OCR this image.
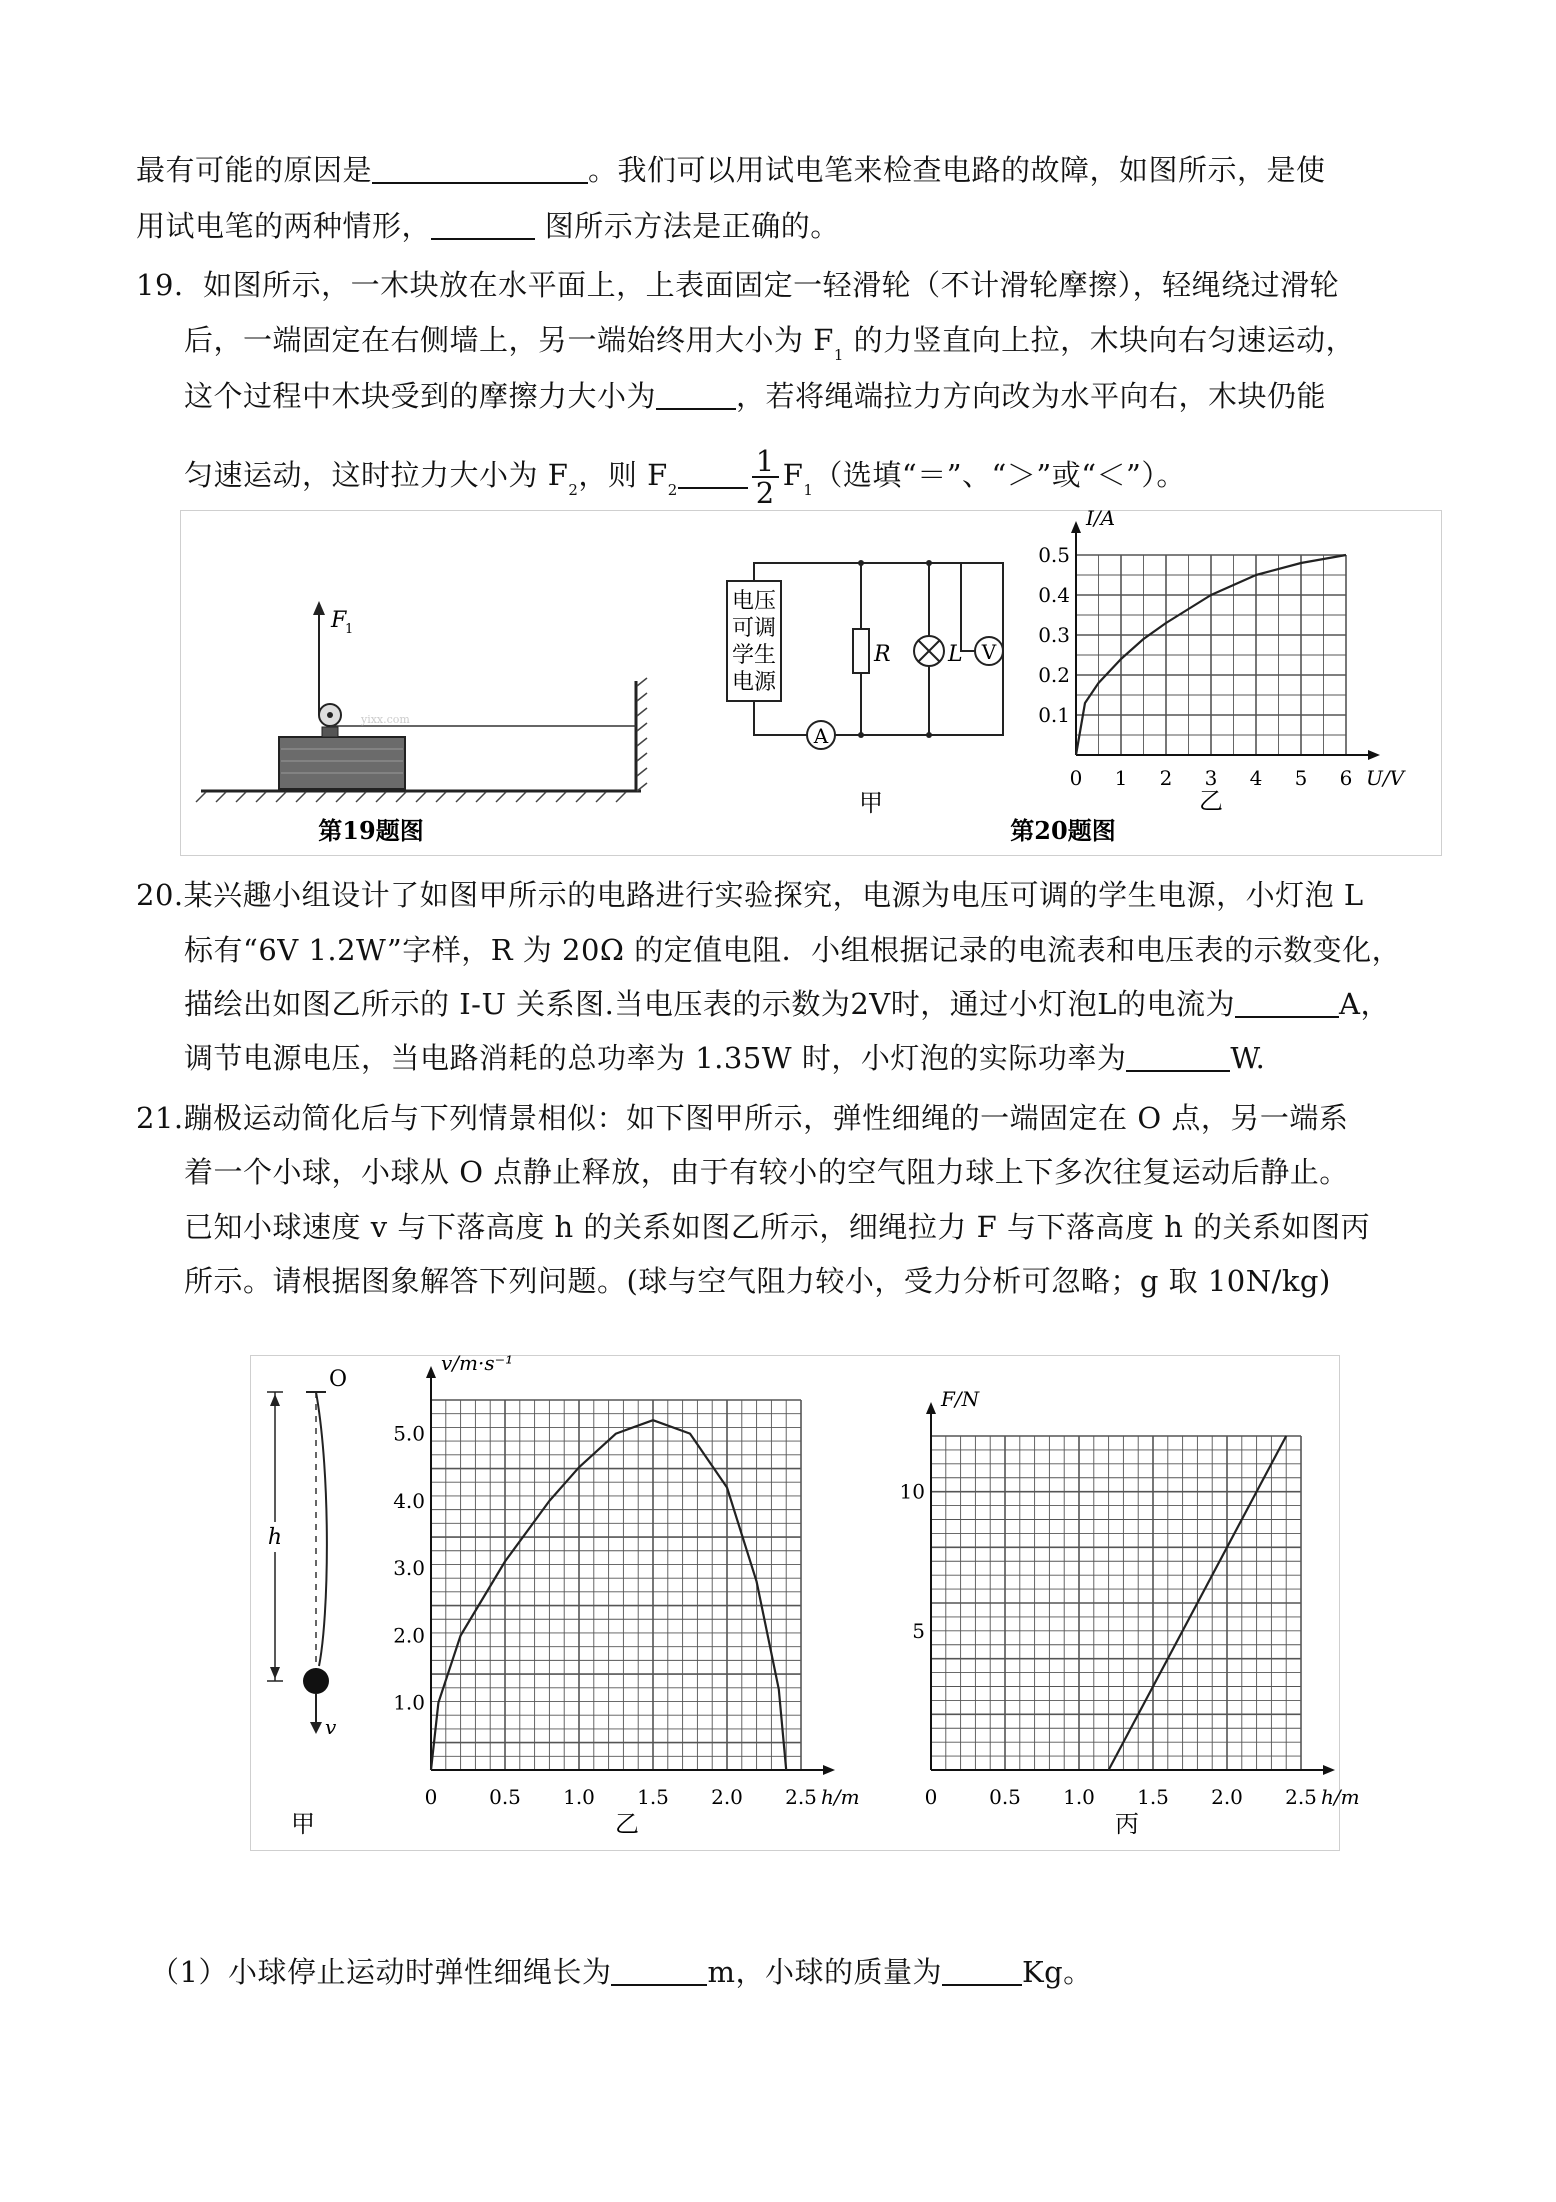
最有可能的原因是	。我们可以用试电笔来检查电路的故障，如图所示，是使
用试电笔的两种情形，	图所示方法是正确的。
19. 如图所示，一木块放在水平面上，上表面固定一轻滑轮（不计滑轮摩擦），轻绳绕过滑轮
后，一端固定在右侧墙上，另一端始终用大小为 $F_1$ 的力竖直向上拉，木块向右匀速运动，
这个过程中木块受到的摩擦力大小为	，若将绳端拉力方向改为水平向右，木块仍能
匀速运动，这时拉力大小为 $F_2$，则 $F_2$	$\frac{1}{2} F_1$（选填“＝”、“＞”或“＜”）。
F
1
yixx.com
第19题图
电压
可调
学生
电源
R	L V
A
甲
第20题图
0 1 2 3 4 5 6
0.1
0.2
0.3
0.4
0.5
U/V
I/A
乙
20.某兴趣小组设计了如图甲所示的电路进行实验探究，电源为电压可调的学生电源，小灯泡 L
标有“6V 1.2W”字样，R 为 20Ω 的定值电阻．小组根据记录的电流表和电压表的示数变化，
描绘出如图乙所示的 I-U 关系图.当电压表的示数为2V时，通过小灯泡L的电流为	A，
调节电源电压，当电路消耗的总功率为 1.35W 时，小灯泡的实际功率为	W.
21.蹦极运动简化后与下列情景相似：如下图甲所示，弹性细绳的一端固定在 O 点，另一端系
着一个小球，小球从 O 点静止释放，由于有较小的空气阻力球上下多次往复运动后静止。
已知小球速度 v 与下落高度 h 的关系如图乙所示，细绳拉力 F 与下落高度 h 的关系如图丙
所示。请根据图象解答下列问题。(球与空气阻力较小，受力分析可忽略；g 取 10N/kg)
O
v
h
甲
0	0.5 1.0 1.5 2.0 2.5
1.0
2.0
3.0
4.0
5.0
h/m
v/m·s⁻¹
乙
0	0.5 1.0 1.5 2.0 2.5
5
10
h/m
F/N
丙
（1）小球停止运动时弹性细绳长为	m，小球的质量为	Kg。
